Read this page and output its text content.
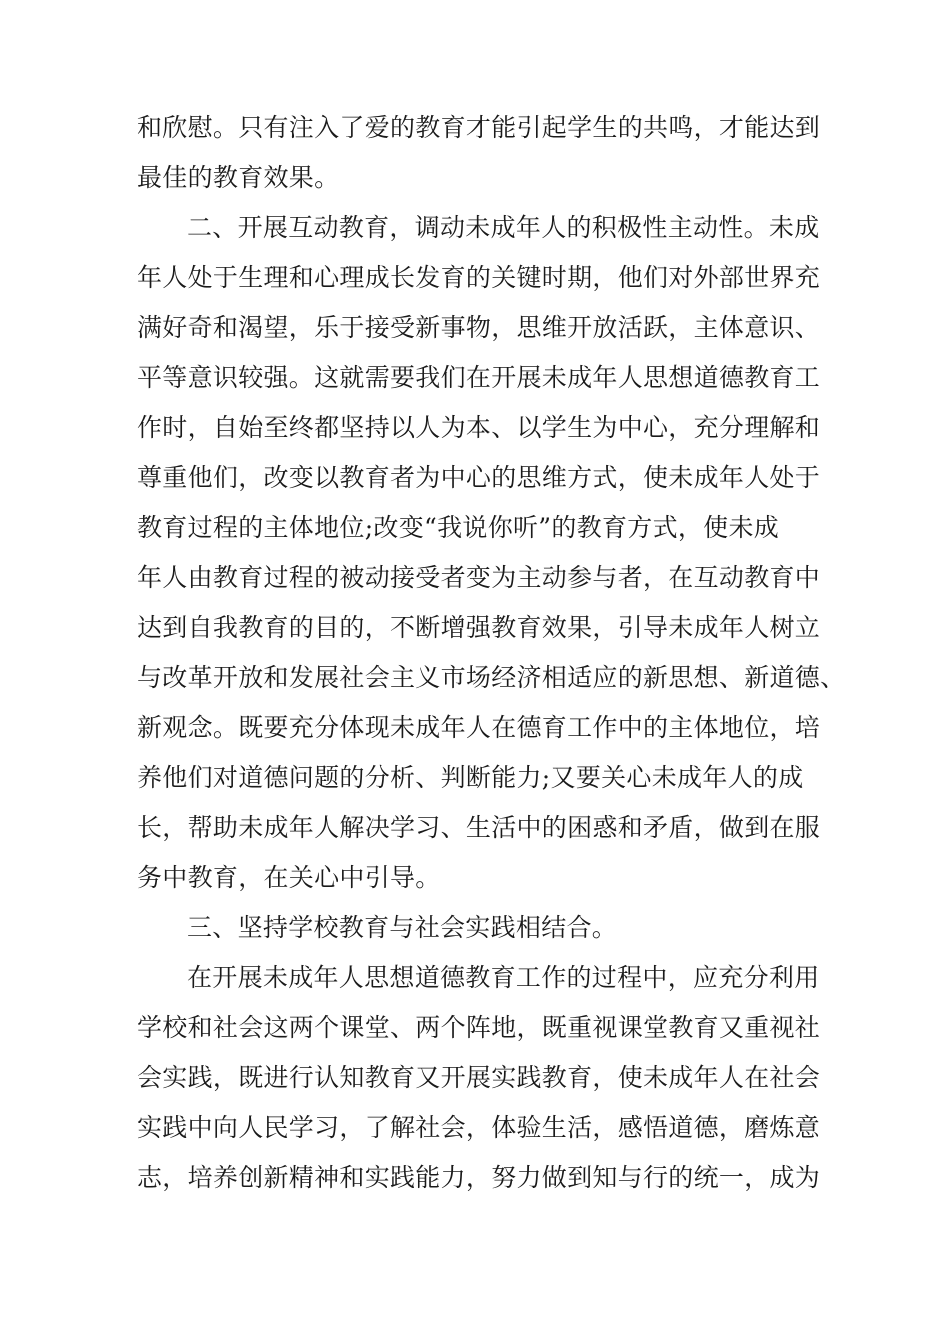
和欣慰。只有注入了爱的教育才能引起学生的共鸣，才能达到
最佳的教育效果。
二、开展互动教育，调动未成年人的积极性主动性。未成
年人处于生理和心理成长发育的关键时期，他们对外部世界充
满好奇和渴望，乐于接受新事物，思维开放活跃，主体意识、
平等意识较强。这就需要我们在开展未成年人思想道德教育工
作时，自始至终都坚持以人为本、以学生为中心，充分理解和
尊重他们，改变以教育者为中心的思维方式，使未成年人处于
教育过程的主体地位;改变“我说你听”的教育方式，使未成
年人由教育过程的被动接受者变为主动参与者，在互动教育中
达到自我教育的目的，不断增强教育效果，引导未成年人树立
与改革开放和发展社会主义市场经济相适应的新思想、新道德、
新观念。既要充分体现未成年人在德育工作中的主体地位，培
养他们对道德问题的分析、判断能力;又要关心未成年人的成
长，帮助未成年人解决学习、生活中的困惑和矛盾，做到在服
务中教育，在关心中引导。
三、坚持学校教育与社会实践相结合。
在开展未成年人思想道德教育工作的过程中，应充分利用
学校和社会这两个课堂、两个阵地，既重视课堂教育又重视社
会实践，既进行认知教育又开展实践教育，使未成年人在社会
实践中向人民学习，了解社会，体验生活，感悟道德，磨炼意
志，培养创新精神和实践能力，努力做到知与行的统一，成为
